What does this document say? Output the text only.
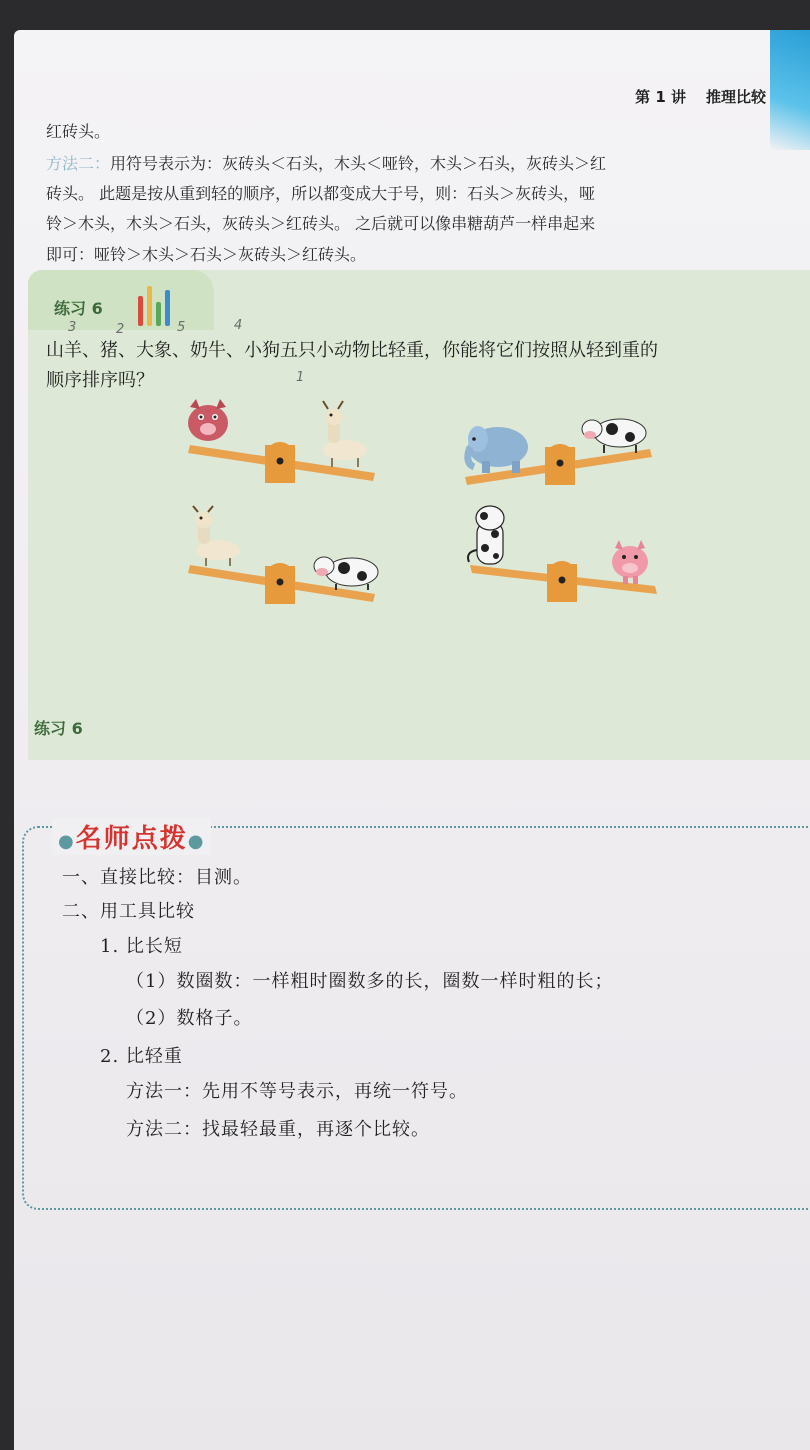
第 1 讲 推理比较
红砖头。
方法二：用符号表示为：灰砖头＜石头，木头＜哑铃，木头＞石头，灰砖头＞红
砖头。 此题是按从重到轻的顺序，所以都变成大于号，则：石头＞灰砖头，哑
铃＞木头，木头＞石头，灰砖头＞红砖头。 之后就可以像串糖葫芦一样串起来
即可：哑铃＞木头＞石头＞灰砖头＞红砖头。
练习 6
练习 6
3	2	5	4
1
山羊、猪、大象、奶牛、小狗五只小动物比轻重，你能将它们按照从轻到重的
顺序排序吗？
●名师点拨●
一、直接比较：目测。
二、用工具比较
1. 比长短
（1）数圈数：一样粗时圈数多的长，圈数一样时粗的长；
（2）数格子。
2. 比轻重
方法一：先用不等号表示，再统一符号。
方法二：找最轻最重，再逐个比较。
